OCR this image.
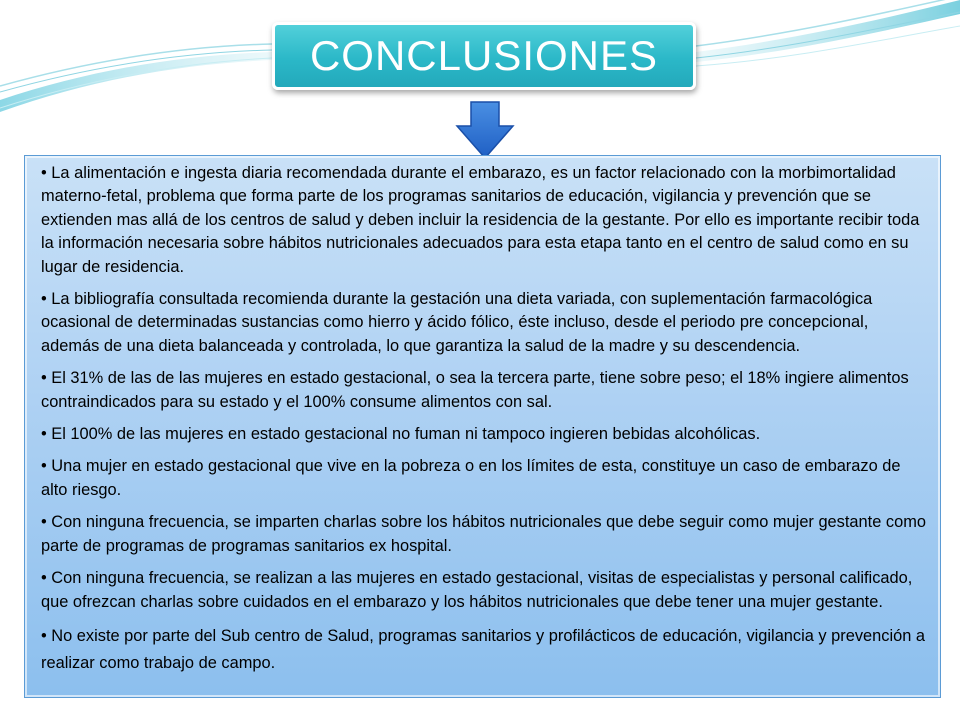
CONCLUSIONES

• La alimentación e ingesta diaria recomendada durante el embarazo, es un factor relacionado con la morbimortalidad materno-fetal, problema que forma parte de los programas sanitarios de educación, vigilancia y prevención que se extienden mas allá de los centros de salud y deben incluir la residencia de la gestante. Por ello es importante recibir toda la información necesaria sobre hábitos nutricionales adecuados para esta etapa tanto en el centro de salud como en su lugar de residencia.

• La bibliografía consultada recomienda durante la gestación una dieta variada, con suplementación farmacológica ocasional de determinadas sustancias como hierro y ácido fólico, éste incluso, desde el periodo pre concepcional, además de una dieta balanceada y controlada, lo que garantiza la salud de la madre y su descendencia.

• El 31% de las de las mujeres en estado gestacional, o sea la tercera parte, tiene sobre peso; el 18% ingiere alimentos contraindicados para su estado y el 100% consume alimentos con sal.

• El 100% de las mujeres en estado gestacional no fuman ni tampoco ingieren bebidas alcohólicas.

• Una mujer en estado gestacional que vive en la pobreza o en los límites de esta, constituye un caso de embarazo de alto riesgo.

• Con ninguna frecuencia, se imparten charlas sobre los hábitos nutricionales que debe seguir como mujer gestante como parte de programas de programas sanitarios ex hospital.

• Con ninguna frecuencia, se realizan a las mujeres en estado gestacional, visitas de especialistas y personal calificado, que ofrezcan charlas sobre cuidados en el embarazo y los hábitos nutricionales que debe tener una mujer gestante.

• No existe por parte del Sub centro de Salud, programas sanitarios y profilácticos de educación, vigilancia y prevención a realizar como trabajo de campo.
